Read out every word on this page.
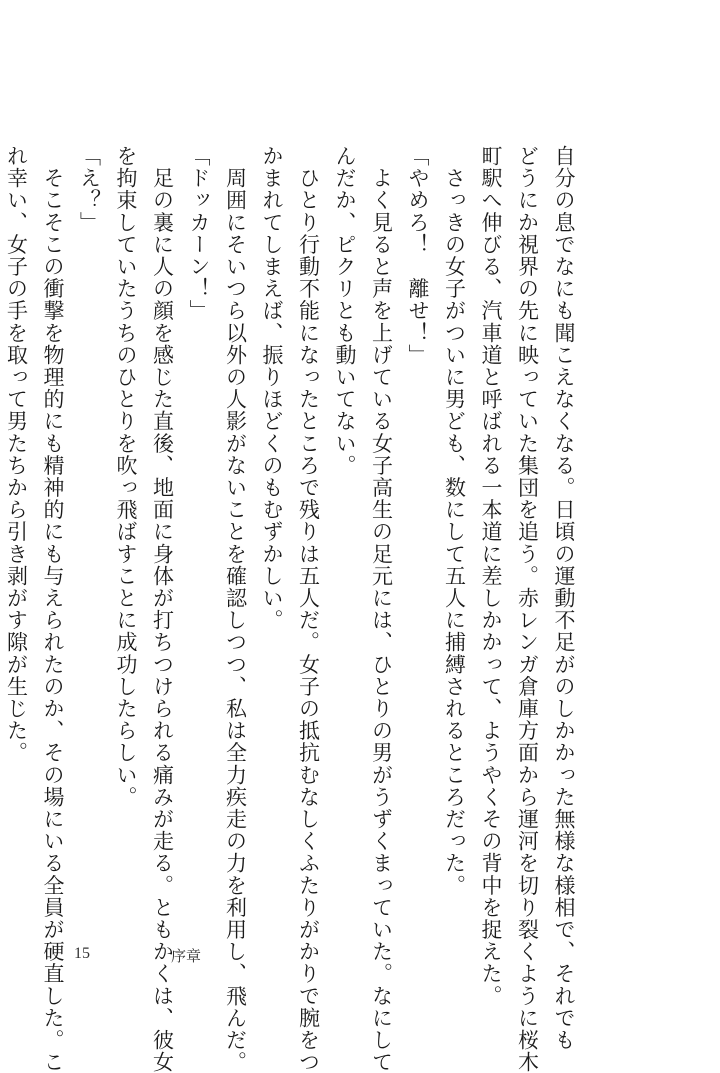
自分の息でなにも聞こえなくなる。日頃の運動不足がのしかかった無様な様相で、それでも

どうにか視界の先に映っていた集団を追う。赤レンガ倉庫方面から運河を切り裂くように桜木

町駅へ伸びる、汽車道と呼ばれる一本道に差しかかって、ようやくその背中を捉えた。

　さっきの女子がついに男ども、数にして五人に捕縛されるところだった。

「やめろ！　離せ！」

　よく見ると声を上げている女子高生の足元には、ひとりの男がうずくまっていた。なにして

んだか、ピクリとも動いてない。

　ひとり行動不能になったところで残りは五人だ。女子の抵抗むなしくふたりがかりで腕をつ

かまれてしまえば、振りほどくのもむずかしい。

　周囲にそいつら以外の人影がないことを確認しつつ、私は全力疾走の力を利用し、飛んだ。

「ドッカーン！」

　足の裏に人の顔を感じた直後、地面に身体が打ちつけられる痛みが走る。ともかくは、彼女

を拘束していたうちのひとりを吹っ飛ばすことに成功したらしい。

「え？」

　そこそこの衝撃を物理的にも精神的にも与えられたのか、その場にいる全員が硬直した。こ

れ幸い、女子の手を取って男たちから引き剥がす隙が生じた。

15	序章
